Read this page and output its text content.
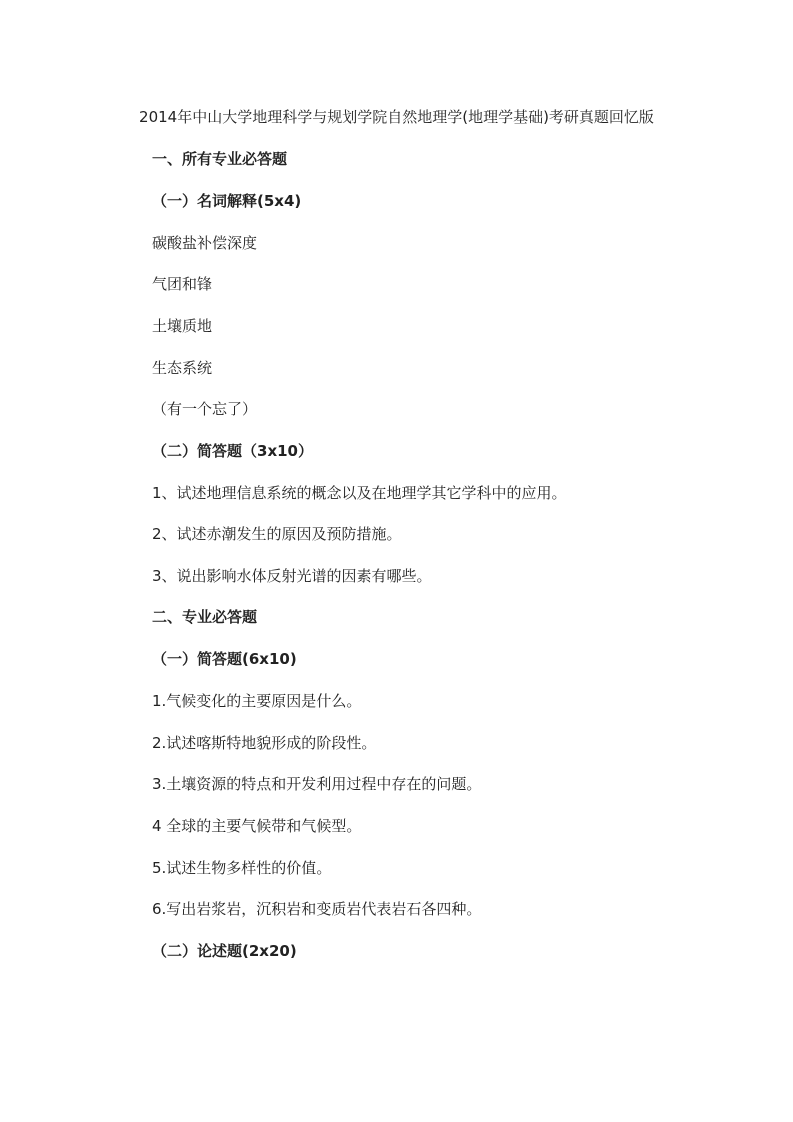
2014年中山大学地理科学与规划学院自然地理学(地理学基础)考研真题回忆版
一、所有专业必答题
（一）名词解释(5x4)
碳酸盐补偿深度
气团和锋
土壤质地
生态系统
（有一个忘了）
（二）简答题（3x10）
1、试述地理信息系统的概念以及在地理学其它学科中的应用。
2、试述赤潮发生的原因及预防措施。
3、说出影响水体反射光谱的因素有哪些。
二、专业必答题
（一）简答题(6x10)
1.气候变化的主要原因是什么。
2.试述喀斯特地貌形成的阶段性。
3.土壤资源的特点和开发利用过程中存在的问题。
4 全球的主要气候带和气候型。
5.试述生物多样性的价值。
6.写出岩浆岩，沉积岩和变质岩代表岩石各四种。
（二）论述题(2x20)
